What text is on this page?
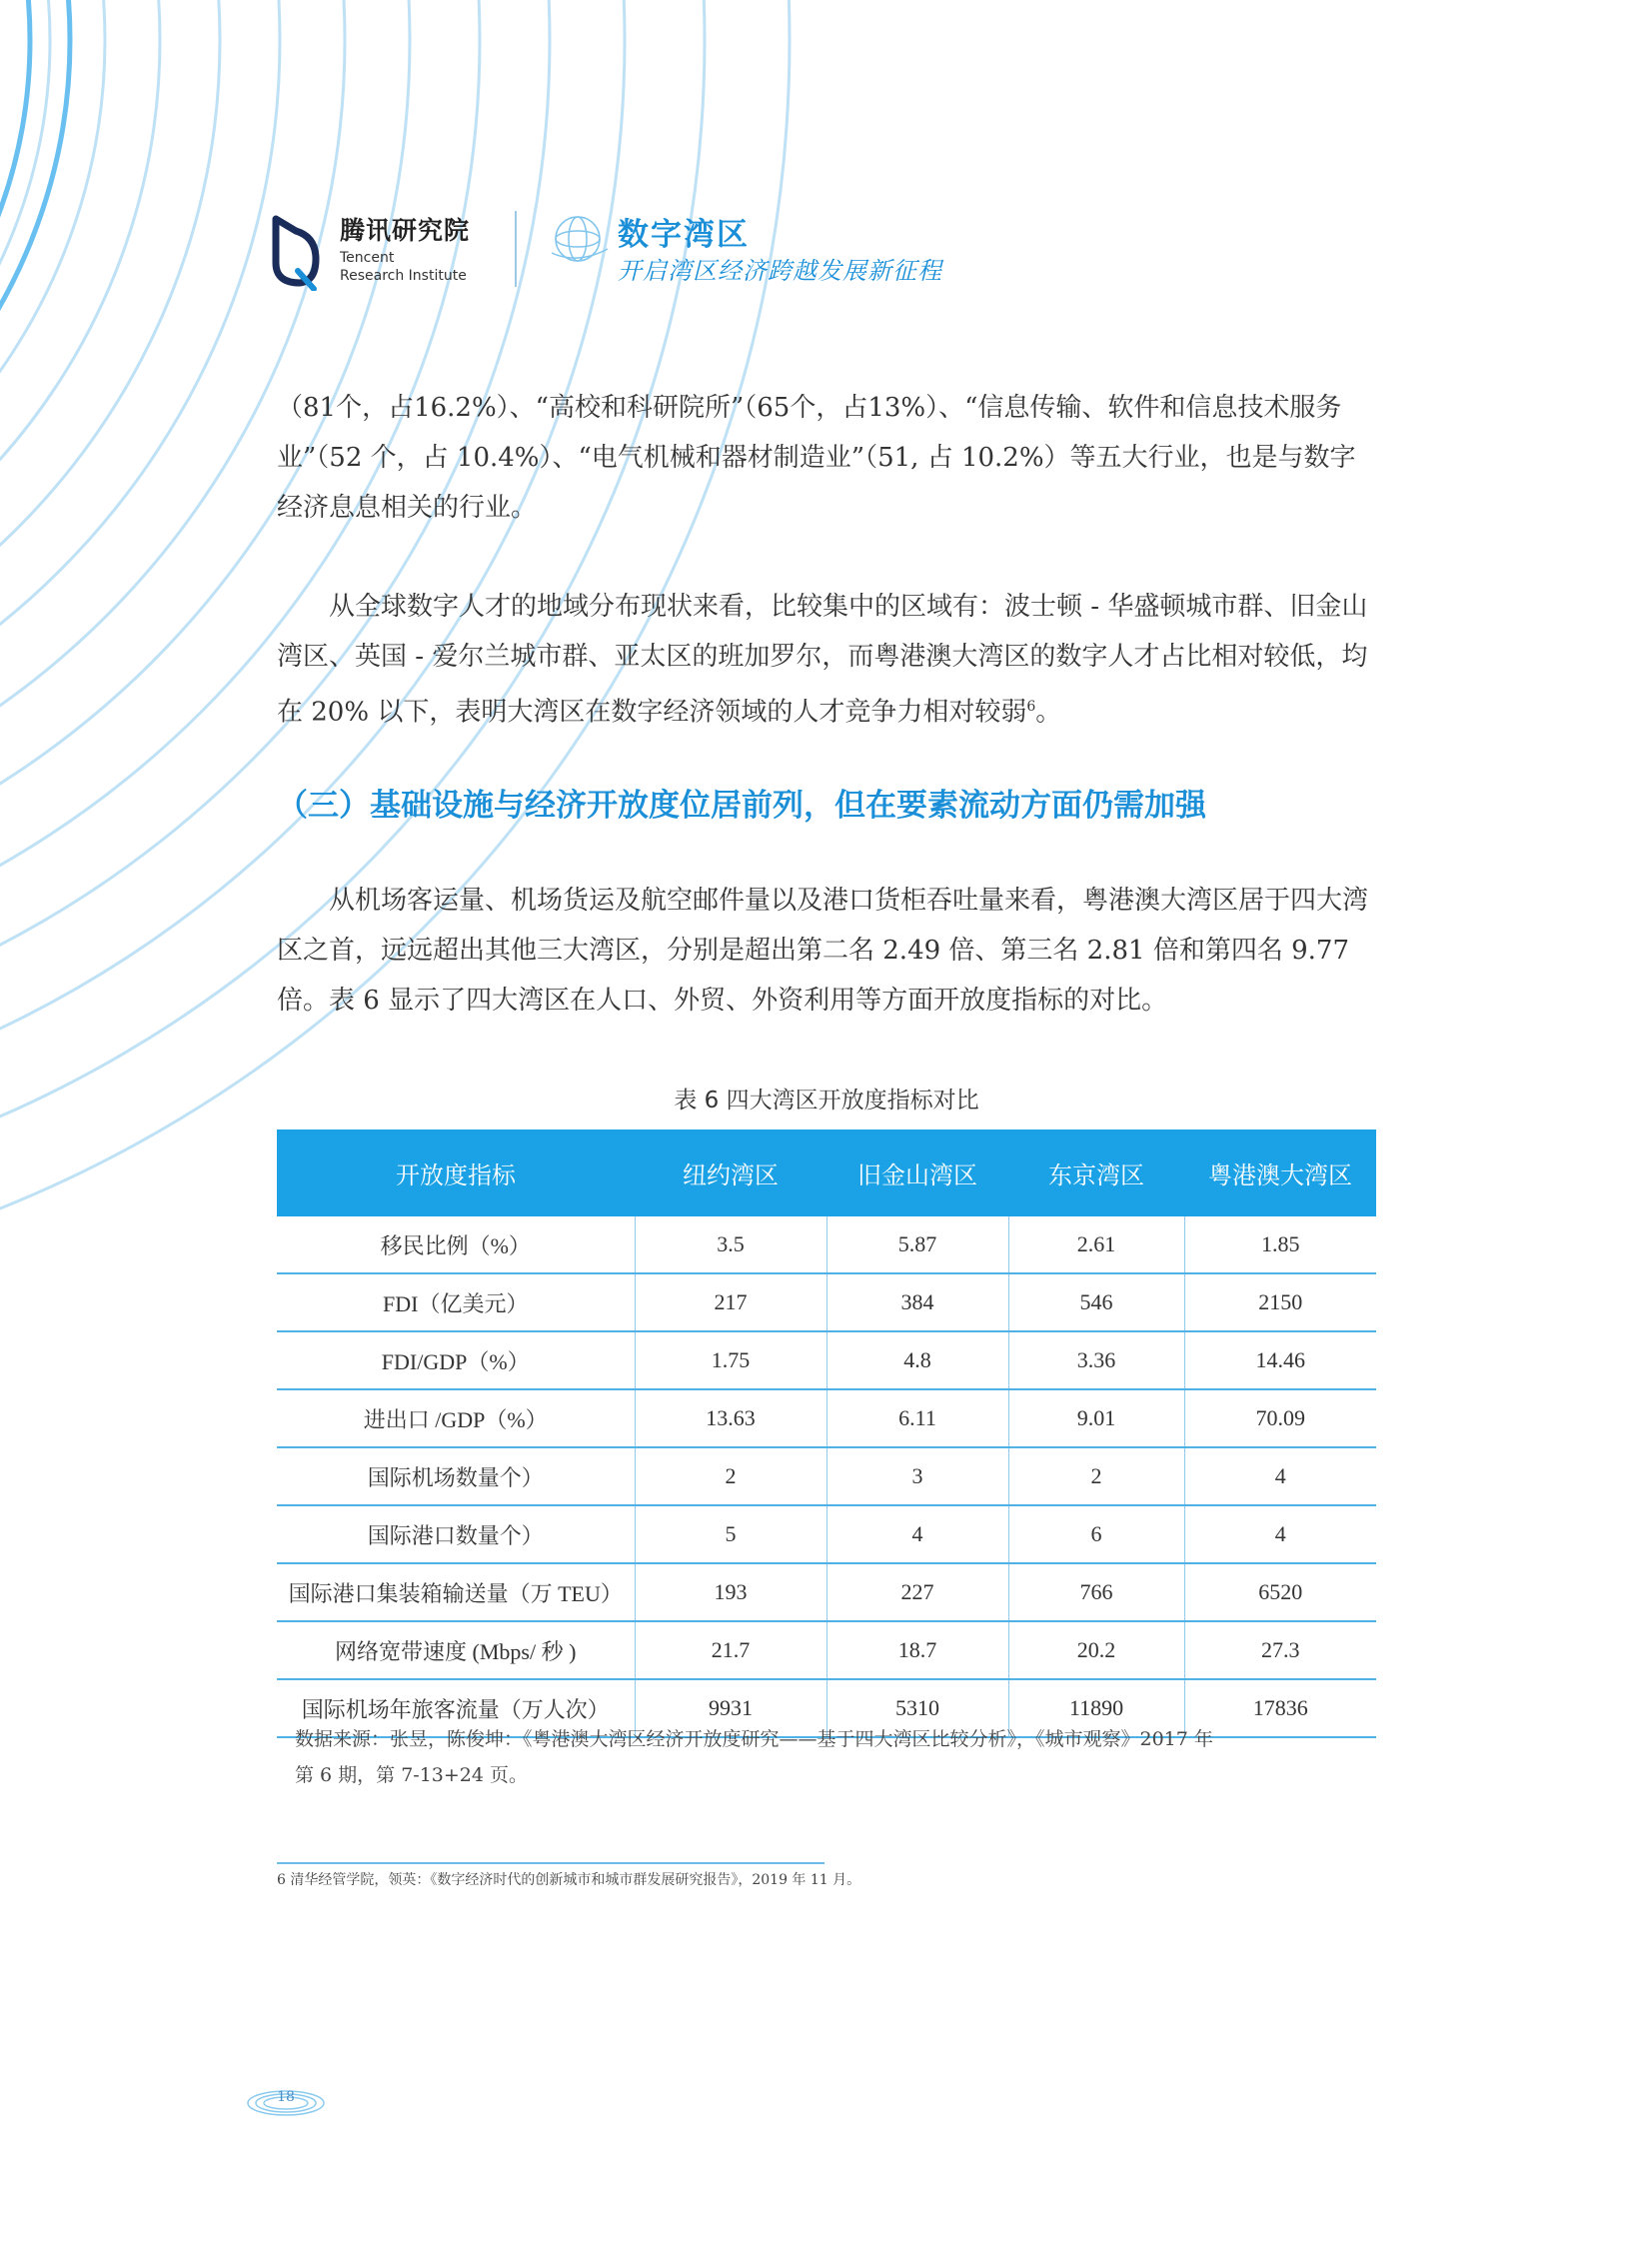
腾讯研究院
Tencent
Research Institute
数字湾区
开启湾区经济跨越发展新征程
（81个，占16.2%）、“高校和科研院所”（65个，占13%）、“信息传输、软件和信息技术服务业”（52 个，占 10.4%）、“电气机械和器材制造业”（51, 占 10.2%）等五大行业，也是与数字经济息息相关的行业。
从全球数字人才的地域分布现状来看，比较集中的区域有：波士顿 - 华盛顿城市群、旧金山湾区、英国 - 爱尔兰城市群、亚太区的班加罗尔，而粤港澳大湾区的数字人才占比相对较低，均在 20% 以下，表明大湾区在数字经济领域的人才竞争力相对较弱$^6$。
（三）基础设施与经济开放度位居前列，但在要素流动方面仍需加强
从机场客运量、机场货运及航空邮件量以及港口货柜吞吐量来看，粤港澳大湾区居于四大湾区之首，远远超出其他三大湾区，分别是超出第二名 2.49 倍、第三名 2.81 倍和第四名 9.77 倍。表 6 显示了四大湾区在人口、外贸、外资利用等方面开放度指标的对比。
表 6 四大湾区开放度指标对比
开放度指标	纽约湾区	旧金山湾区	东京湾区	粤港澳大湾区
移民比例（%）	3.5	5.87	2.61	1.85
FDI（亿美元）	217	384	546	2150
FDI/GDP（%）	1.75	4.8	3.36	14.46
进出口 /GDP（%）	13.63	6.11	9.01	70.09
国际机场数量个）	2	3	2	4
国际港口数量个）	5	4	6	4
国际港口集装箱输送量（万 TEU）	193	227	766	6520
网络宽带速度 (Mbps/ 秒 )	21.7	18.7	20.2	27.3
国际机场年旅客流量（万人次）	9931	5310	11890	17836
数据来源：张昱，陈俊坤：《粤港澳大湾区经济开放度研究——基于四大湾区比较分析》，《城市观察》2017 年
第 6 期，第 7-13+24 页。
6 清华经管学院，领英：《数字经济时代的创新城市和城市群发展研究报告》，2019 年 11 月。
18
